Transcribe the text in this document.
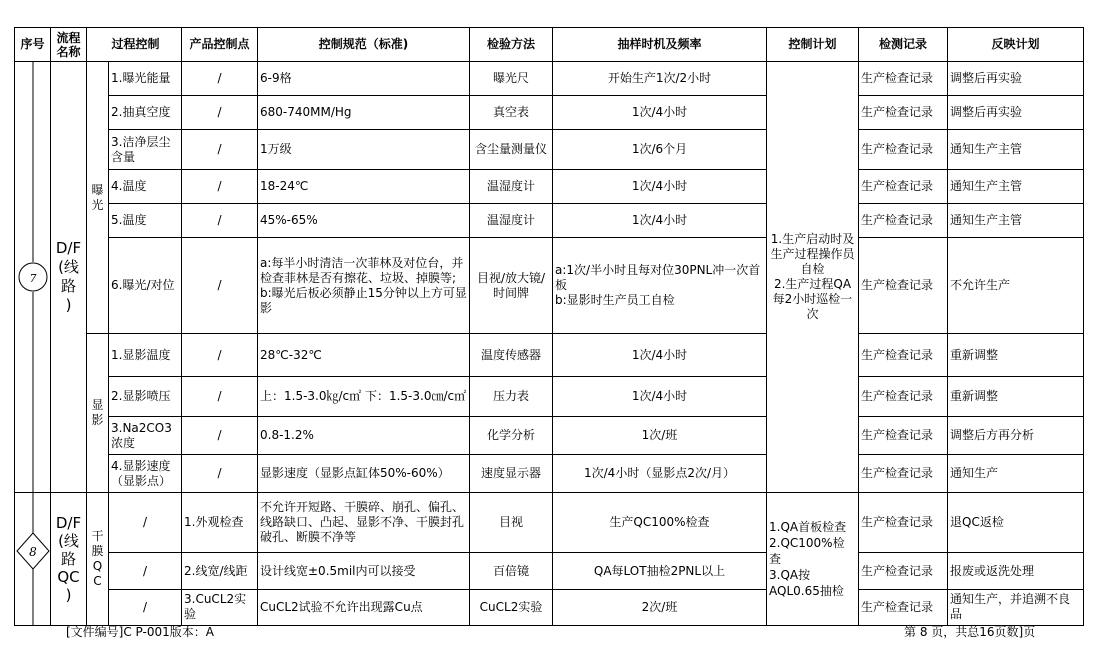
序号	流程名称	过程控制		产品控制点	控制规范（标准)	检验方法	抽样时机及频率	控制计划	检测记录	反映计划

7	D/F
(线
路
)	曝
光	1.曝光能量	/	6-9格	曝光尺	开始生产1次/2小时	1.生产启动时及生产过程操作员自检
2.生产过程QA每2小时巡检一次	生产检查记录	调整后再实验
			2.抽真空度	/	680-740MM/Hg	真空表	1次/4小时		生产检查记录	调整后再实验
			3.洁净层尘含量	/	1万级	含尘量测量仪	1次/6个月		生产检查记录	通知生产主管
			4.温度	/	18-24℃	温湿度计	1次/4小时		生产检查记录	通知生产主管
			5.温度	/	45%-65%	温湿度计	1次/4小时		生产检查记录	通知生产主管
			6.曝光/对位	/	a:每半小时清洁一次菲林及对位台，并检查菲林是否有擦花、垃圾、掉膜等;
b:曝光后板必须静止15分钟以上方可显影	目视/放大镜/时间牌	a:1次/半小时且每对位30PNL冲一次首板
b:显影时生产员工自检		生产检查记录	不允许生产
		显
影	1.显影温度	/	28℃-32℃	温度传感器	1次/4小时		生产检查记录	重新调整
			2.显影喷压	/	上：1.5-3.0㎏/c㎡ 下：1.5-3.0㎝/c㎡	压力表	1次/4小时		生产检查记录	重新调整
			3.Na2CO3浓度	/	0.8-1.2%	化学分析	1次/班		生产检查记录	调整后方再分析
			4.显影速度（显影点）	/	显影速度（显影点缸体50%-60%）	速度显示器	1次/4小时（显影点2次/月）		生产检查记录	通知生产

8	D/F
(线
路
QC
)	干
膜
Q
C	/	1.外观检查	不允许开短路、干膜碎、崩孔、偏孔、线路缺口、凸起、显影不净、干膜封孔破孔、断膜不净等	目视	生产QC100%检查	1.QA首板检查
2.QC100%检查
3.QA按AQL0.65抽检	生产检查记录	退QC返检
			/	2.线宽/线距	设计线宽±0.5mil内可以接受	百倍镜	QA每LOT抽检2PNL以上		生产检查记录	报废或返洗处理
			/	3.CuCL2实验	CuCL2试验不允许出现露Cu点	CuCL2实验	2次/班		生产检查记录	通知生产，并追溯不良品
[文件编号]C P-001版本：A	第 8 页，共总16页数]页
